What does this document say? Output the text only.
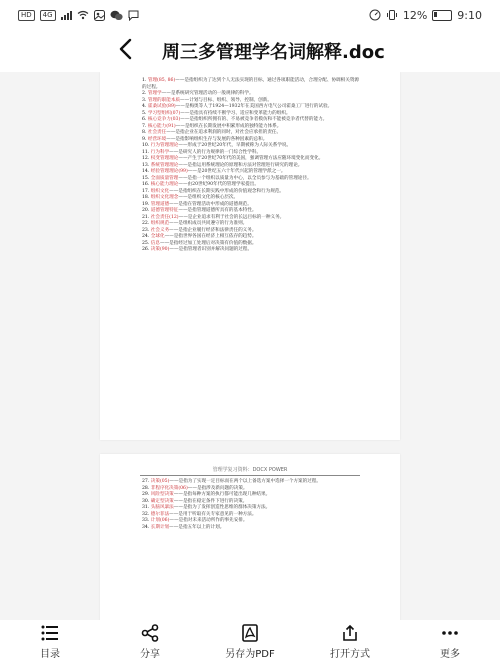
HD	4G	12%	9:10
周三多管理学名词解释.doc
1. 管理(85, 86)——是指组织为了达到个人无法实现的目标，通过各项职能活动，合理分配、协调相关资源的过程。
2. 管理学——是系统研究管理活动的一般规律的科学。
3. 管理的职能本质——计划与目标、组织、领导、控制、创新。
4. 霍桑试验(89)——是梅奥等人于1924—1932年在美国西方电气公司霍桑工厂进行的试验。
5. 学习型组织(07)——是指具有持续不断学习、适应和变革能力的组织。
6. 核心竞争力(03)——是指组织所拥有的、不易被竞争者模仿和不能被竞争者代替的能力。
7. 核心能力(91)——是组织在长期发展中积累形成的独特能力体系。
8. 社会责任——是指企业在追求利润的同时，对社会应承担的责任。
9. 经营环境——是指影响组织生存与发展的各种因素的总和。
10. 行为管理理论——形成于20世纪20年代，早期被称为人际关系学说。
11. 行为科学——是研究人的行为规律的一门综合性学科。
12. 权变管理理论——产生于20世纪70年代的美国，强调管理方法应随环境变化而变化。
13. 系统管理理论——是指运用系统理论的原理和方法对管理进行研究的理论。
14. 经验管理理论(99)——是20世纪五六十年代兴起的管理学派之一。
15. 全面质量管理——是指一个组织以质量为中心，以全员参与为基础的管理途径。
16. 核心能力理论——由20世纪90年代的管理学家提出。
17. 组织文化——是指组织在长期实践中形成的价值观念和行为规范。
18. 组织文化理念——是组织文化的核心层次。
19. 管理道德——是指在管理活动中形成的道德规范。
20. 道德管理特征——是指管理道德所具有的基本特性。
21. 社会责任(12)——是企业追求有利于社会的长远目标的一种义务。
22. 组织规范——是组织成员共同遵守的行为准则。
23. 社会义务——是指企业履行经济和法律责任的义务。
24. 全球化——是指世界各国在经济上相互依存的趋势。
25. 信息——是指经过加工处理后对决策有价值的数据。
26. 决策(90)——是指管理者识别并解决问题的过程。
管理学复习资料：DOCX POWER
27. 决策(05)——是指为了实现一定目标而在两个以上备选方案中选择一个方案的过程。
28. 非程序化决策(06)——是指涉及新问题的决策。
29. 风险型决策——是指每种方案的执行都可能出现几种结果。
30. 确定型决策——是指在稳定条件下进行的决策。
31. 头脑风暴法——是指为了发挥创造性思维的群体决策方法。
32. 德尔菲法——是用于听取有关专家意见的一种方法。
33. 计划(06)——是指对未来活动所作的事先安排。
34. 长期计划——是指五年以上的计划。
目录	分享	另存为PDF	打开方式	更多
